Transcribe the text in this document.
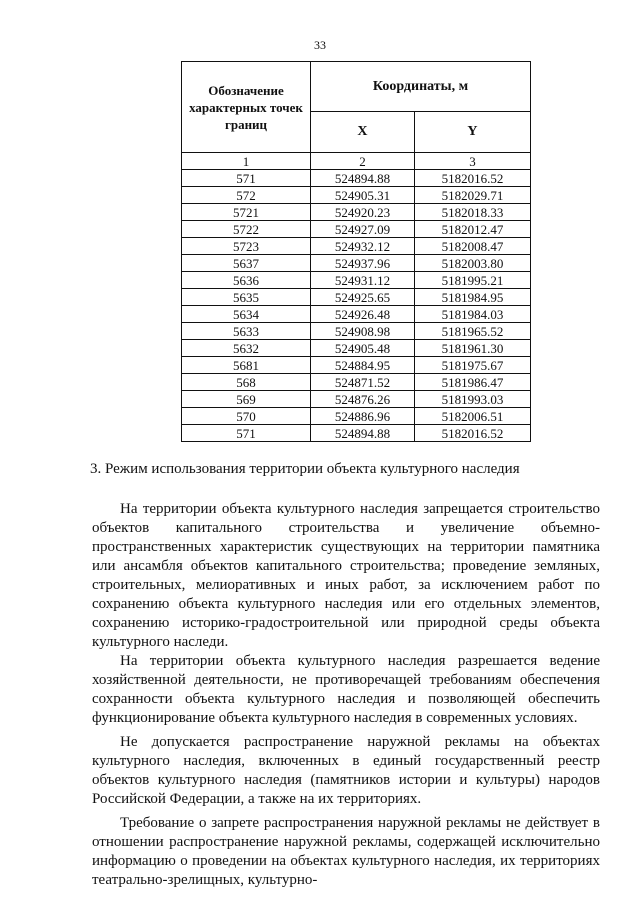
33
Обозначение характерных точек границ	Координаты, м	
	X	Y
1	2	3
571	524894.88	5182016.52
572	524905.31	5182029.71
5721	524920.23	5182018.33
5722	524927.09	5182012.47
5723	524932.12	5182008.47
5637	524937.96	5182003.80
5636	524931.12	5181995.21
5635	524925.65	5181984.95
5634	524926.48	5181984.03
5633	524908.98	5181965.52
5632	524905.48	5181961.30
5681	524884.95	5181975.67
568	524871.52	5181986.47
569	524876.26	5181993.03
570	524886.96	5182006.51
571	524894.88	5182016.52
3. Режим использования территории объекта культурного наследия

На территории объекта культурного наследия запрещается строительство объектов капитального строительства и увеличение объемно-пространственных характеристик существующих на территории памятника или ансамбля объектов капитального строительства; проведение земляных, строительных, мелиоративных и иных работ, за исключением работ по сохранению объекта культурного наследия или его отдельных элементов, сохранению историко-градостроительной или природной среды объекта культурного наследи.

На территории объекта культурного наследия разрешается ведение хозяйственной деятельности, не противоречащей требованиям обеспечения сохранности объекта культурного наследия и позволяющей обеспечить функционирование объекта культурного наследия в современных условиях.

Не допускается распространение наружной рекламы на объектах культурного наследия, включенных в единый государственный реестр объектов культурного наследия (памятников истории и культуры) народов Российской Федерации, а также на их территориях.

Требование о запрете распространения наружной рекламы не действует в отношении распространение наружной рекламы, содержащей исключительно информацию о проведении на объектах культурного наследия, их территориях театрально-зрелищных, культурно-
